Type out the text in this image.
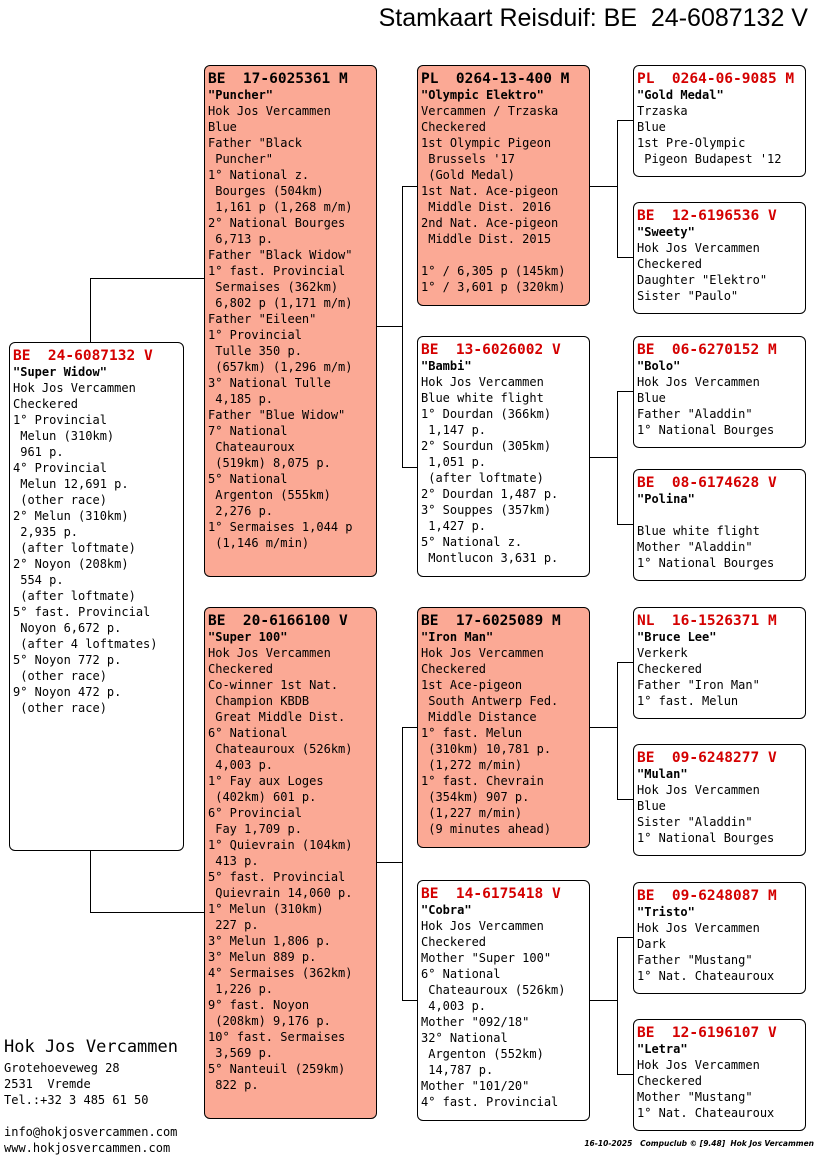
Stamkaart Reisduif: BE  24-6087132 V
BE  24-6087132 V
"Super Widow"
Hok Jos Vercammen
Checkered
1° Provincial
Melun (310km)
961 p.
4° Provincial
Melun 12,691 p.
(other race)
2° Melun (310km)
2,935 p.
(after loftmate)
2° Noyon (208km)
554 p.
(after loftmate)
5° fast. Provincial
Noyon 6,672 p.
(after 4 loftmates)
5° Noyon 772 p.
(other race)
9° Noyon 472 p.
(other race)
BE  17-6025361 M
"Puncher"
Hok Jos Vercammen
Blue
Father "Black
Puncher"
1° National z.
Bourges (504km)
1,161 p (1,268 m/m)
2° National Bourges
6,713 p.
Father "Black Widow"
1° fast. Provincial
Sermaises (362km)
6,802 p (1,171 m/m)
Father "Eileen"
1° Provincial
Tulle 350 p.
(657km) (1,296 m/m)
3° National Tulle
4,185 p.
Father "Blue Widow"
7° National
Chateauroux
(519km) 8,075 p.
5° National
Argenton (555km)
2,276 p.
1° Sermaises 1,044 p
(1,146 m/min)
BE  20-6166100 V
"Super 100"
Hok Jos Vercammen
Checkered
Co-winner 1st Nat.
Champion KBDB
Great Middle Dist.
6° National
Chateauroux (526km)
4,003 p.
1° Fay aux Loges
(402km) 601 p.
6° Provincial
Fay 1,709 p.
1° Quievrain (104km)
413 p.
5° fast. Provincial
Quievrain 14,060 p.
1° Melun (310km)
227 p.
3° Melun 1,806 p.
3° Melun 889 p.
4° Sermaises (362km)
1,226 p.
9° fast. Noyon
(208km) 9,176 p.
10° fast. Sermaises
3,569 p.
5° Nanteuil (259km)
822 p.
PL  0264-13-400 M
"Olympic Elektro"
Vercammen / Trzaska
Checkered
1st Olympic Pigeon
Brussels '17
(Gold Medal)
1st Nat. Ace-pigeon
Middle Dist. 2016
2nd Nat. Ace-pigeon
Middle Dist. 2015
1° / 6,305 p (145km)
1° / 3,601 p (320km)
BE  13-6026002 V
"Bambi"
Hok Jos Vercammen
Blue white flight
1° Dourdan (366km)
1,147 p.
2° Sourdun (305km)
1,051 p.
(after loftmate)
2° Dourdan 1,487 p.
3° Souppes (357km)
1,427 p.
5° National z.
Montlucon 3,631 p.
BE  17-6025089 M
"Iron Man"
Hok Jos Vercammen
Checkered
1st Ace-pigeon
South Antwerp Fed.
Middle Distance
1° fast. Melun
(310km) 10,781 p.
(1,272 m/min)
1° fast. Chevrain
(354km) 907 p.
(1,227 m/min)
(9 minutes ahead)
BE  14-6175418 V
"Cobra"
Hok Jos Vercammen
Checkered
Mother "Super 100"
6° National
Chateauroux (526km)
4,003 p.
Mother "092/18"
32° National
Argenton (552km)
14,787 p.
Mother "101/20"
4° fast. Provincial
PL  0264-06-9085 M
"Gold Medal"
Trzaska
Blue
1st Pre-Olympic
Pigeon Budapest '12
BE  12-6196536 V
"Sweety"
Hok Jos Vercammen
Checkered
Daughter "Elektro"
Sister "Paulo"
BE  06-6270152 M
"Bolo"
Hok Jos Vercammen
Blue
Father "Aladdin"
1° National Bourges
BE  08-6174628 V
"Polina"
Blue white flight
Mother "Aladdin"
1° National Bourges
NL  16-1526371 M
"Bruce Lee"
Verkerk
Checkered
Father "Iron Man"
1° fast. Melun
BE  09-6248277 V
"Mulan"
Hok Jos Vercammen
Blue
Sister "Aladdin"
1° National Bourges
BE  09-6248087 M
"Tristo"
Hok Jos Vercammen
Dark
Father "Mustang"
1° Nat. Chateauroux
BE  12-6196107 V
"Letra"
Hok Jos Vercammen
Checkered
Mother "Mustang"
1° Nat. Chateauroux
Hok Jos Vercammen
Grotehoeveweg 28
2531  Vremde
Tel.:+32 3 485 61 50
info@hokjosvercammen.com
www.hokjosvercammen.com	16-10-2025   Compuclub © [9.48]  Hok Jos Vercammen
